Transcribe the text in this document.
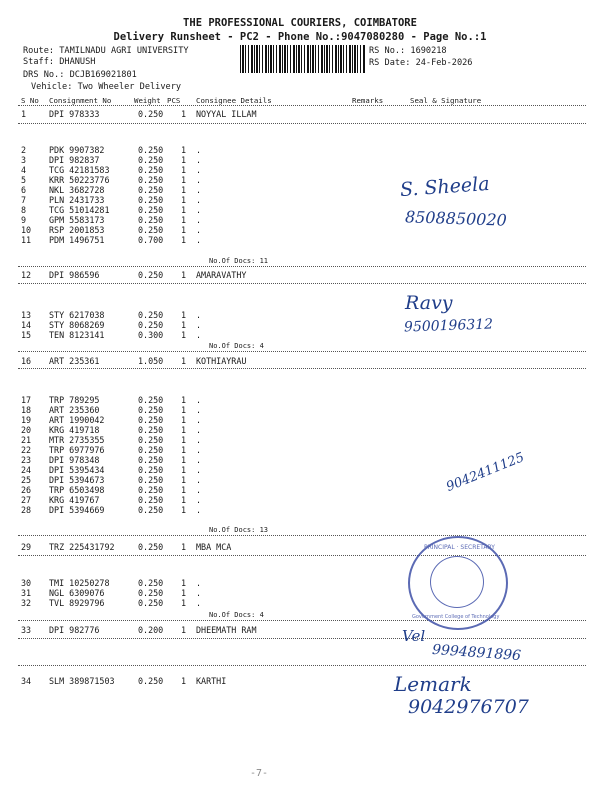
THE PROFESSIONAL COURIERS, COIMBATORE
Delivery Runsheet - PC2 - Phone No.:9047080280 - Page No.:1
Route: TAMILNADU AGRI UNIVERSITY
Staff: DHANUSH
DRS No.: DCJB169021801
Vehicle: Two Wheeler Delivery
RS No.: 1690218
RS Date: 24-Feb-2026
S No Consignment No	Weight PCS Consignee Details	Remarks	Seal & Signature
1	DPI 978333	0.250 1 NOYYAL ILLAM
2	PDK 9907382	0.250 1 .
3	DPI 982837	0.250 1 .
4	TCG 42181583	0.250 1 .
5	KRR 50223776	0.250 1 .
6	NKL 3682728	0.250 1 .
7	PLN 2431733	0.250 1 .
8	TCG 51014281	0.250 1 .
9	GPM 5583173	0.250 1 .
10 RSP 2001853	0.250 1 .
11 PDM 1496751	0.700 1 .
No.Of Docs: 11
12 DPI 986596	0.250 1 AMARAVATHY
13 STY 6217038	0.250 1 .
14 STY 8068269	0.250 1 .
15 TEN 8123141	0.300 1 .
No.Of Docs: 4
16 ART 235361	1.050 1 KOTHIAYRAU
17 TRP 789295	0.250 1 .
18 ART 235360	0.250 1 .
19 ART 1990042	0.250 1 .
20 KRG 419718	0.250 1 .
21 MTR 2735355	0.250 1 .
22 TRP 6977976	0.250 1 .
23 DPI 978348	0.250 1 .
24 DPI 5395434	0.250 1 .
25 DPI 5394673	0.250 1 .
26 TRP 6503498	0.250 1 .
27 KRG 419767	0.250 1 .
28 DPI 5394669	0.250 1 .
No.Of Docs: 13
29 TRZ 225431792	0.250 1 MBA MCA
30 TMI 10250278	0.250 1 .
31 NGL 6309076	0.250 1 .
32 TVL 8929796	0.250 1 .
No.Of Docs: 4
33 DPI 982776	0.200 1 DHEEMATH RAM
34 SLM 389871503	0.250 1 KARTHI
PRINCIPAL · SECRETARY
Government College of Technology
S. Sheela
8508850020
Ravy
9500196312
9042411125
Vel
9994891896
Lemark
9042976707
-7-
